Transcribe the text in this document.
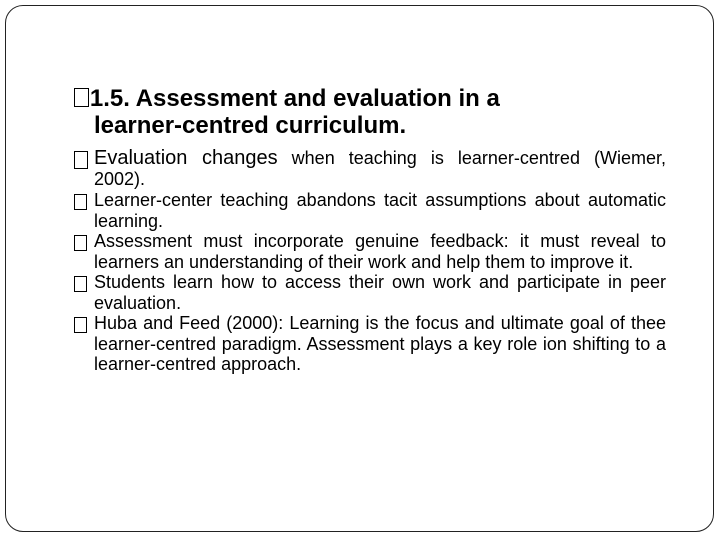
1.5. Assessment and evaluation in a
learner-centred curriculum.
Evaluation changes when teaching is learner-centred (Wiemer, 2002).
Learner-center teaching abandons tacit assumptions about automatic learning.
Assessment must incorporate genuine feedback: it must reveal to learners an understanding of their work and help them to improve it.
Students learn how to access their own work and participate in peer evaluation.
Huba and Feed (2000): Learning is the focus and ultimate goal of thee learner-centred paradigm. Assessment plays a key role ion shifting to a learner-centred approach.
